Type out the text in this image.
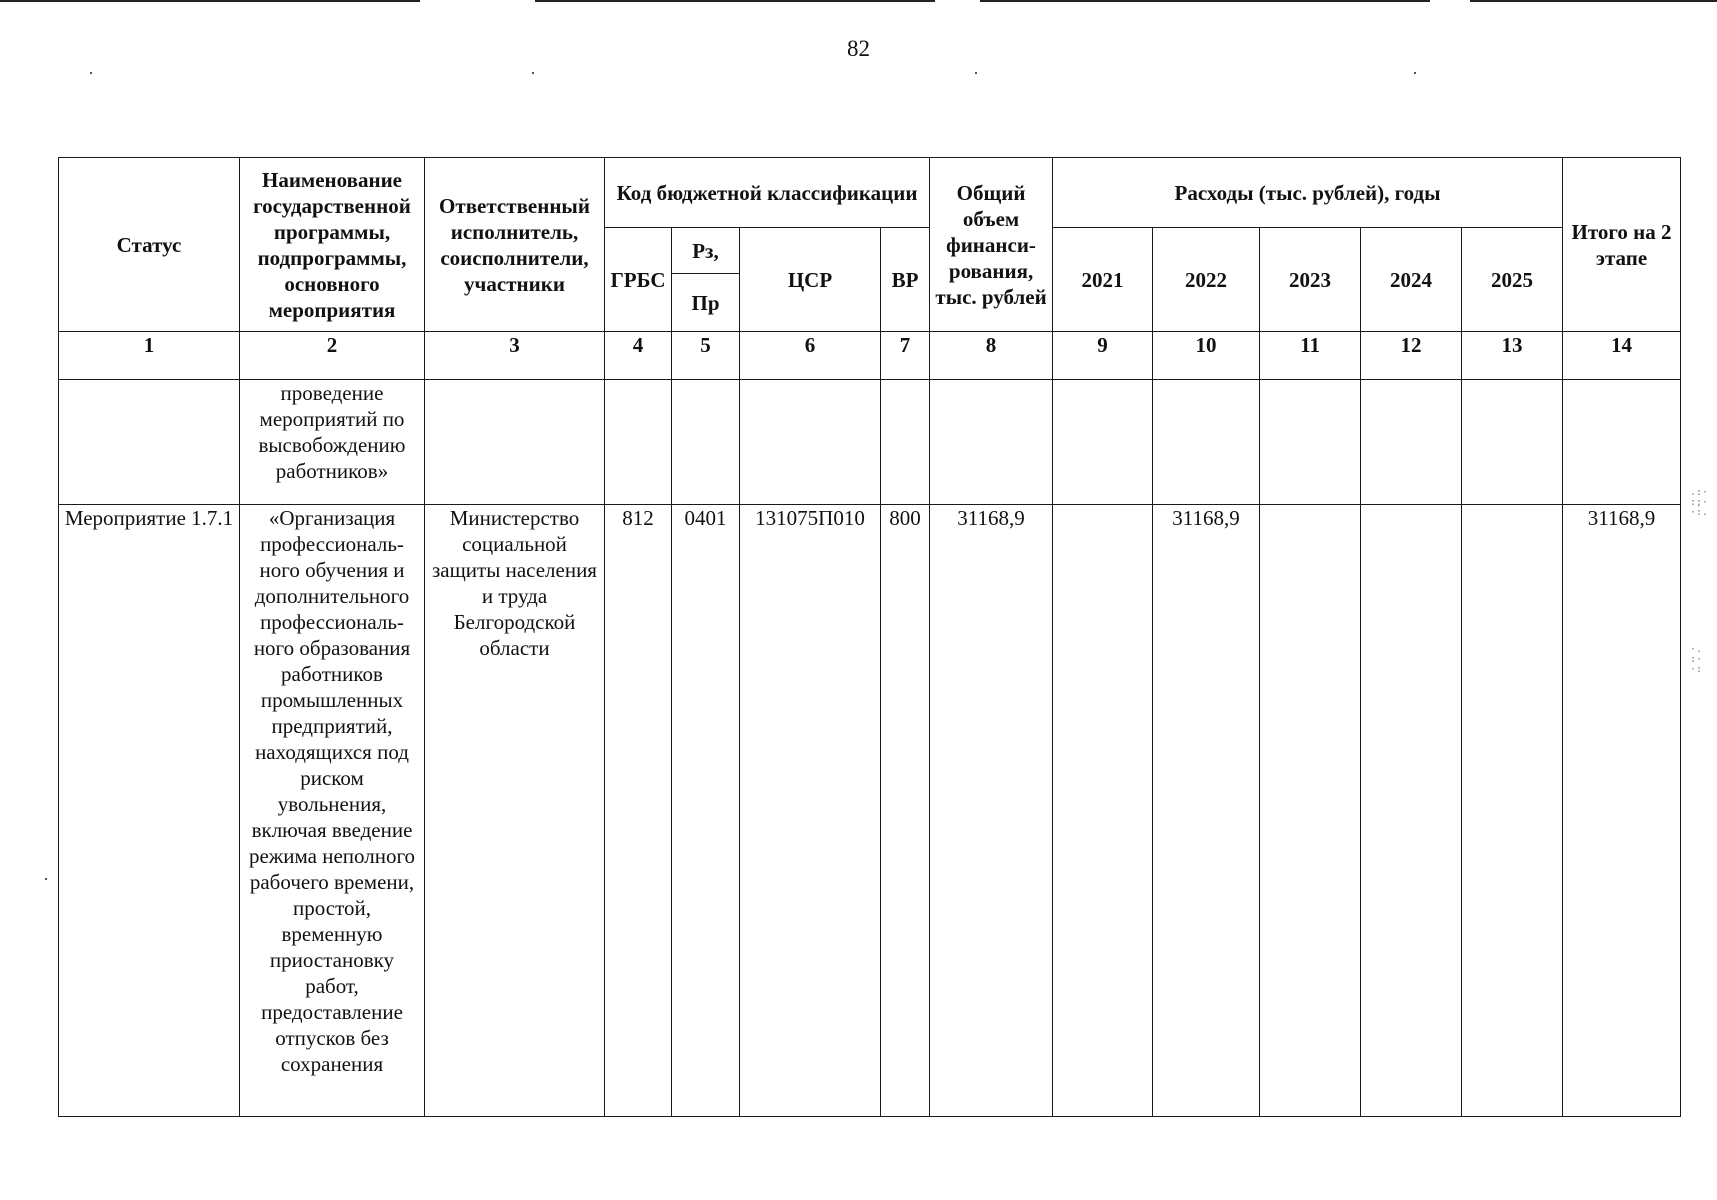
82
Статус	Наименование государственной программы, подпрограммы, основного мероприятия	Ответственный исполнитель, соисполнители, участники	Код бюджетной классификации				Общий объем финанси-рования, тыс. рублей	Расходы (тыс. рублей), годы					Итого на 2 этапе
			ГРБС	Рз,	ЦСР	ВР		2021	2022	2023	2024	2025	
				Пр									
1	2	3	4	5	6	7	8	9	10	11	12	13	14
	проведение мероприятий по высвобождению работников»												
Мероприятие 1.7.1	«Организация профессиональ-ного обучения и дополнительного профессиональ-ного образования работников промышленных предприятий, находящихся под риском увольнения, включая введение режима неполного рабочего времени, простой, временную приостановку работ, предоставление отпусков без сохранения	Министерство социальной защиты населения и труда Белгородской области	812	0401	131075П010	800	31168,9		31168,9				31168,9
.:·
:;·
·:.
·.
:·
·:
